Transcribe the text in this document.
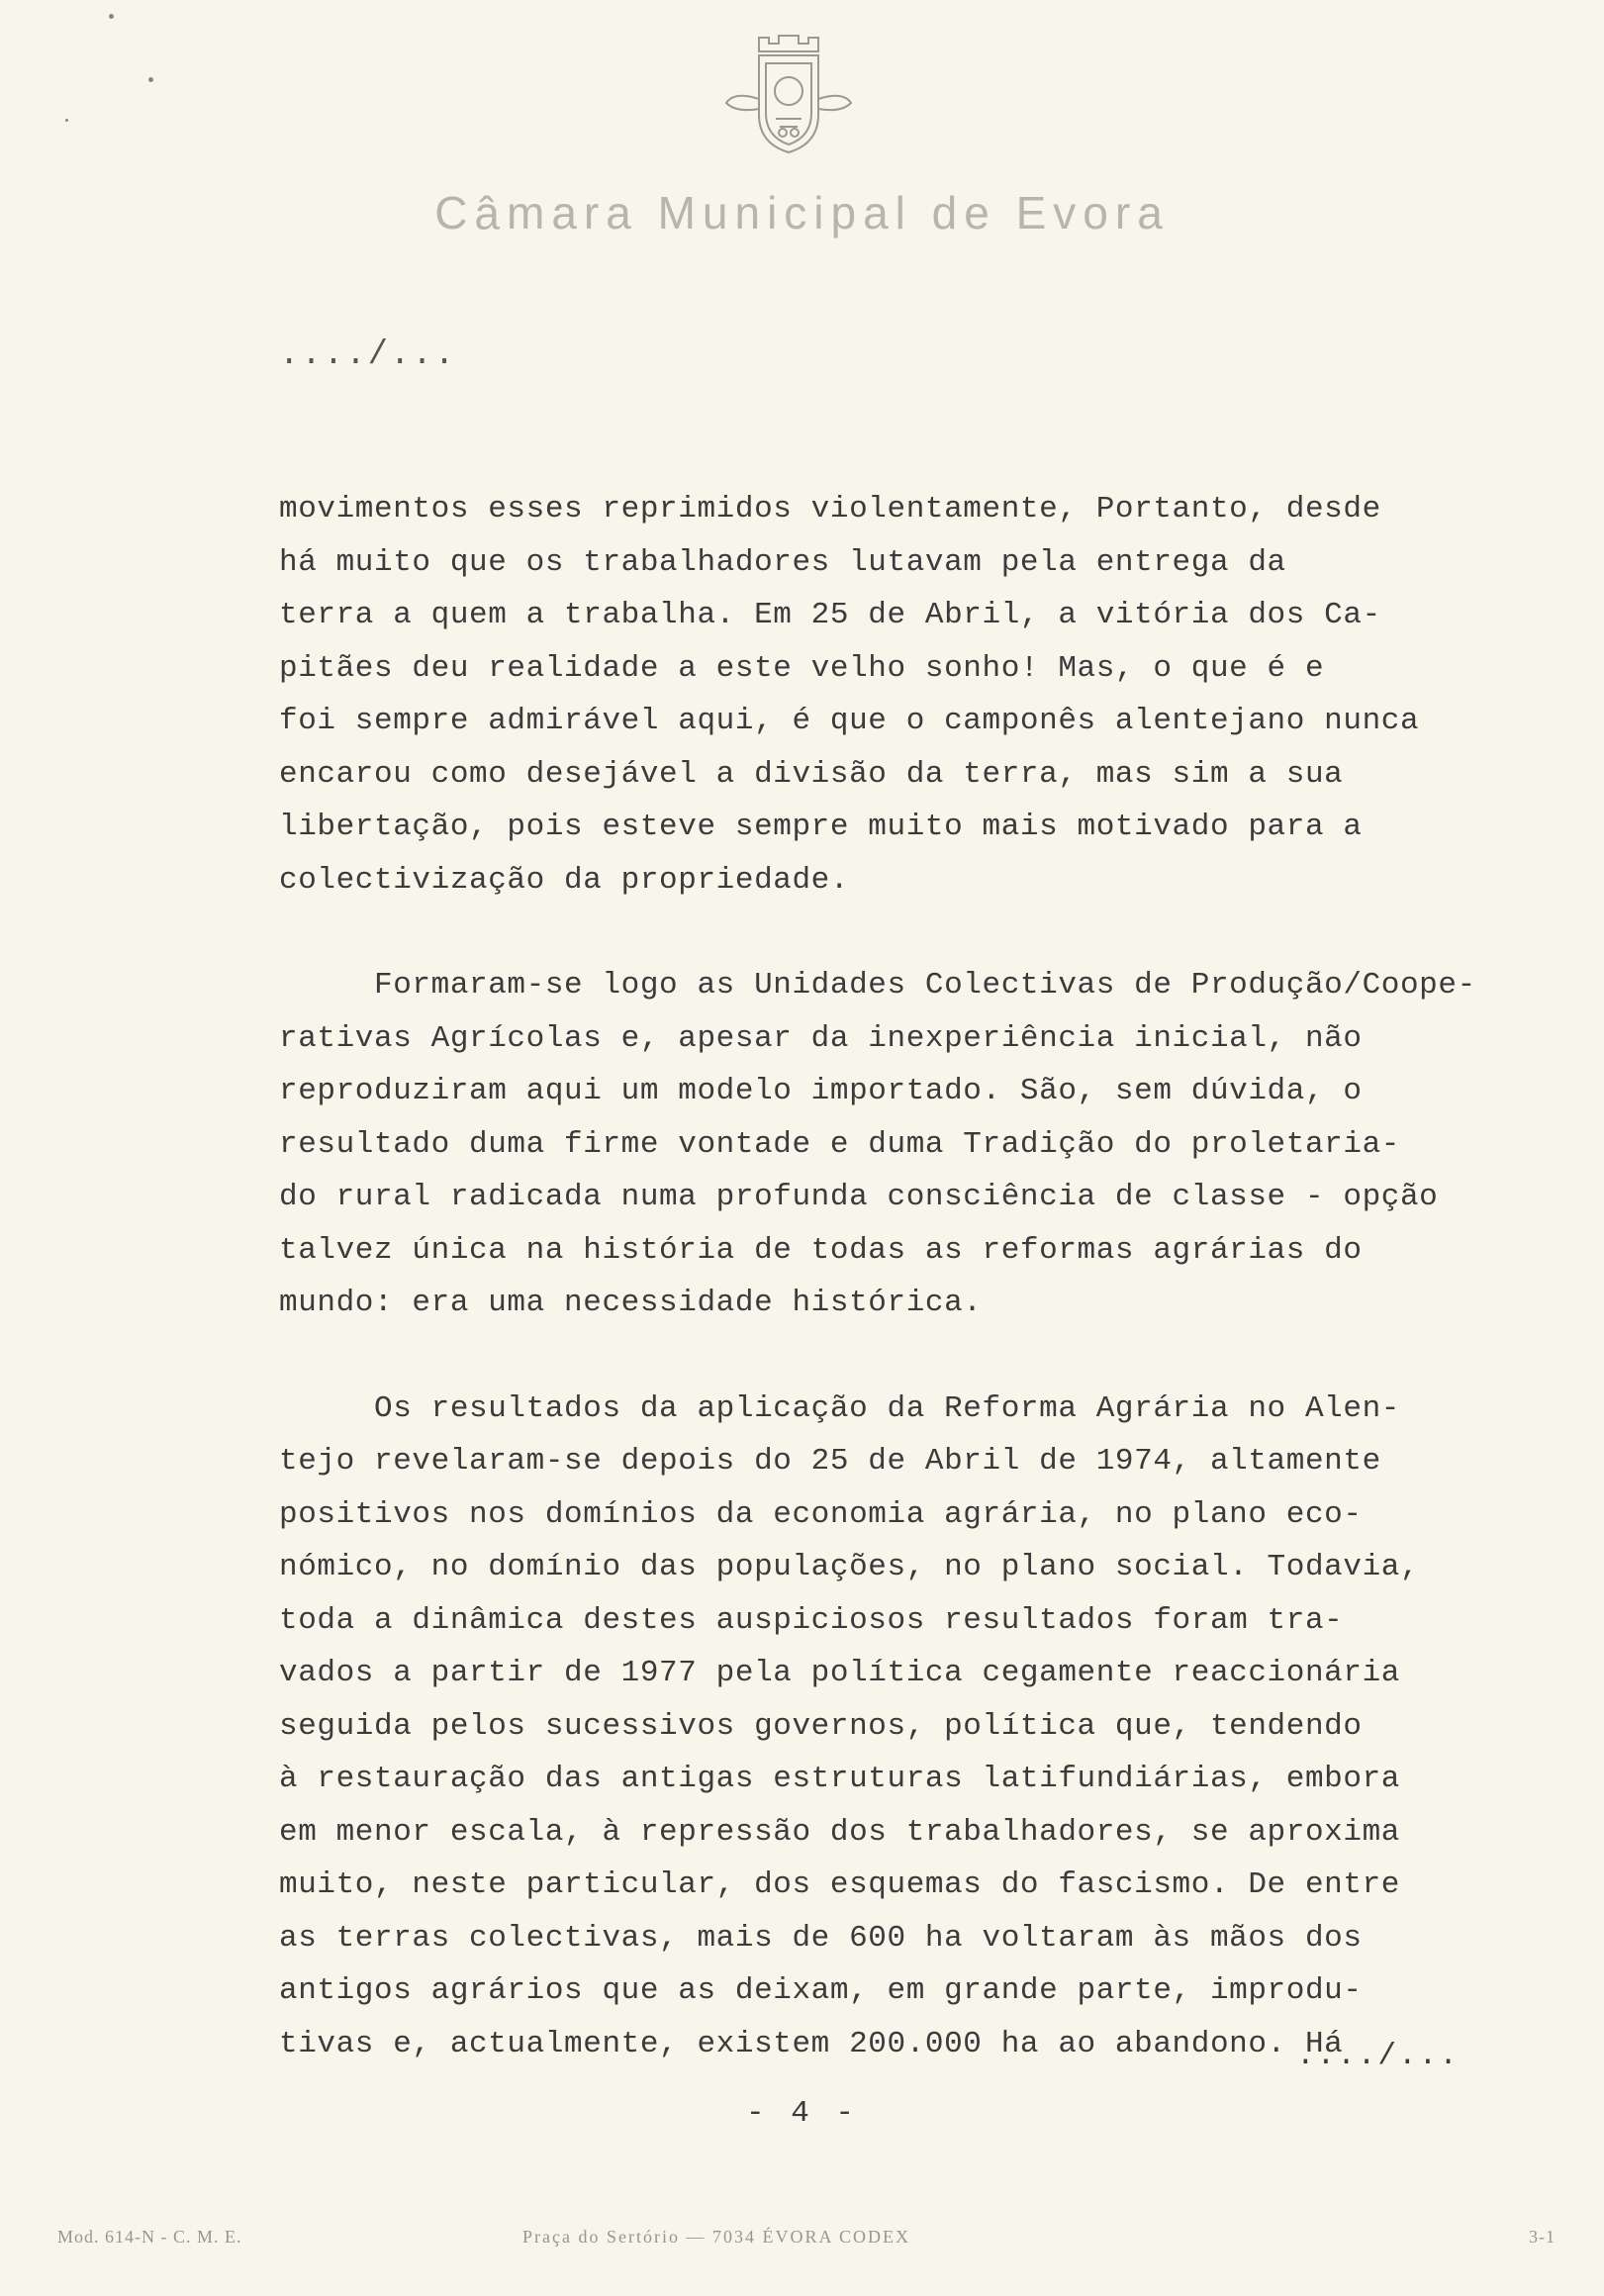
Câmara Municipal de Evora
..../...
movimentos esses reprimidos violentamente, Portanto, desde
há muito que os trabalhadores lutavam pela entrega da
terra a quem a trabalha. Em 25 de Abril, a vitória dos Ca-
pitães deu realidade a este velho sonho! Mas, o que é e
foi sempre admirável aqui, é que o camponês alentejano nunca
encarou como desejável a divisão da terra, mas sim a sua
libertação, pois esteve sempre muito mais motivado para a
colectivização da propriedade.
Formaram-se logo as Unidades Colectivas de Produção/Coope-
rativas Agrícolas e, apesar da inexperiência inicial, não
reproduziram aqui um modelo importado. São, sem dúvida, o
resultado duma firme vontade e duma Tradição do proletaria-
do rural radicada numa profunda consciência de classe - opção
talvez única na história de todas as reformas agrárias do
mundo: era uma necessidade histórica.
Os resultados da aplicação da Reforma Agrária no Alen-
tejo revelaram-se depois do 25 de Abril de 1974, altamente
positivos nos domínios da economia agrária, no plano eco-
nómico, no domínio das populações, no plano social. Todavia,
toda a dinâmica destes auspiciosos resultados foram tra-
vados a partir de 1977 pela política cegamente reaccionária
seguida pelos sucessivos governos, política que, tendendo
à restauração das antigas estruturas latifundiárias, embora
em menor escala, à repressão dos trabalhadores, se aproxima
muito, neste particular, dos esquemas do fascismo. De entre
as terras colectivas, mais de 600 ha voltaram às mãos dos
antigos agrários que as deixam, em grande parte, improdu-
tivas e, actualmente, existem 200.000 ha ao abandono. Há
..../...
- 4 -
Mod. 614-N - C. M. E.	Praça do Sertório — 7034 ÉVORA CODEX	3-1
